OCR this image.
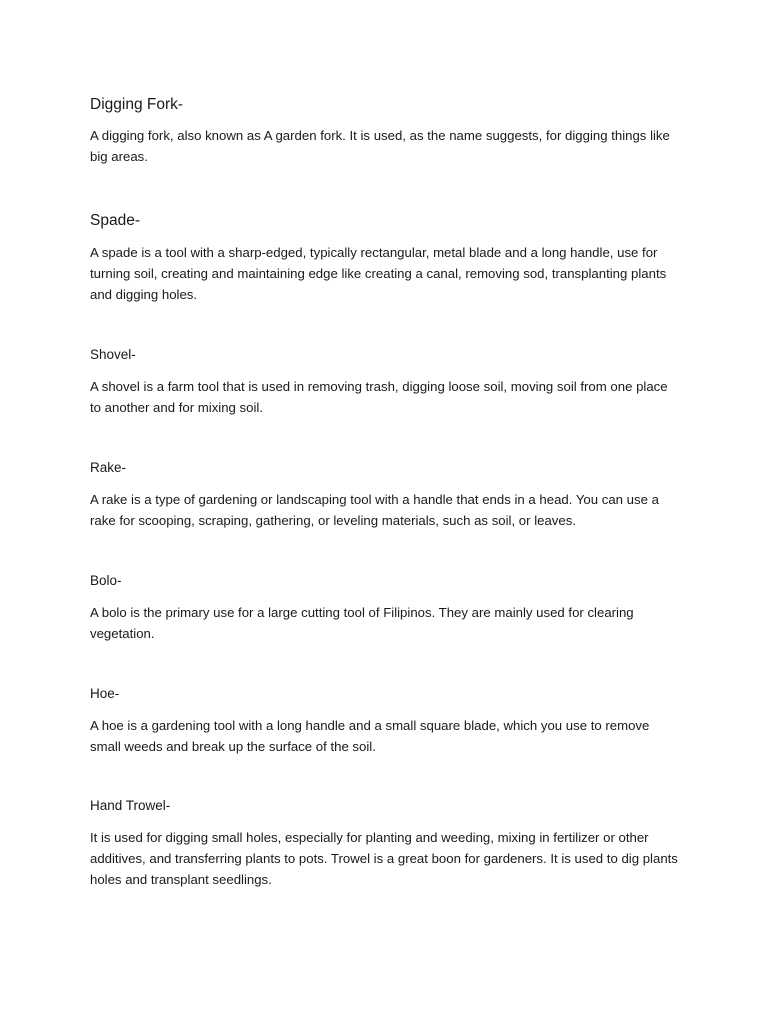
Digging Fork-

A digging fork, also known as A garden fork. It is used, as the name suggests, for digging things like big areas.

Spade-

A spade is a tool with a sharp-edged, typically rectangular, metal blade and a long handle, use for turning soil, creating and maintaining edge like creating a canal, removing sod, transplanting plants and digging holes.

Shovel-

A shovel is a farm tool that is used in removing trash, digging loose soil, moving soil from one place to another and for mixing soil.

Rake-

A rake is a type of gardening or landscaping tool with a handle that ends in a head. You can use a rake for scooping, scraping, gathering, or leveling materials, such as soil, or leaves.

Bolo-

A bolo is the primary use for a large cutting tool of Filipinos. They are mainly used for clearing vegetation.

Hoe-

A hoe is a gardening tool with a long handle and a small square blade, which you use to remove small weeds and break up the surface of the soil.

Hand Trowel-

It is used for digging small holes, especially for planting and weeding, mixing in fertilizer or other additives, and transferring plants to pots. Trowel is a great boon for gardeners. It is used to dig plants holes and transplant seedlings.
